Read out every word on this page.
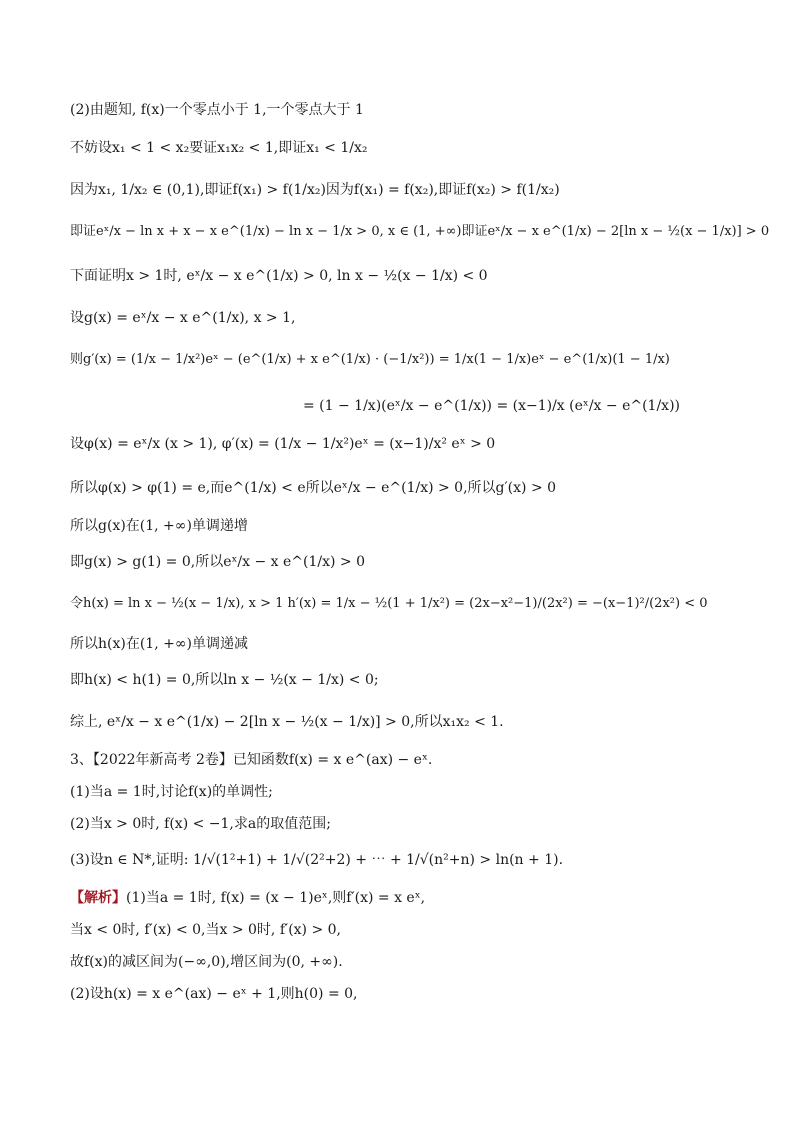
(2)由题知, f(x)一个零点小于 1,一个零点大于 1
不妨设x₁ < 1 < x₂要证x₁x₂ < 1,即证x₁ < 1/x₂
因为x₁, 1/x₂ ∈ (0,1),即证f(x₁) > f(1/x₂)因为f(x₁) = f(x₂),即证f(x₂) > f(1/x₂)
即证eˣ/x − ln x + x − x e^(1/x) − ln x − 1/x > 0, x ∈ (1, +∞)即证eˣ/x − x e^(1/x) − 2[ln x − ½(x − 1/x)] > 0
下面证明x > 1时, eˣ/x − x e^(1/x) > 0, ln x − ½(x − 1/x) < 0
设g(x) = eˣ/x − x e^(1/x), x > 1,
则g′(x) = (1/x − 1/x²)eˣ − (e^(1/x) + x e^(1/x) · (−1/x²)) = 1/x(1 − 1/x)eˣ − e^(1/x)(1 − 1/x)
= (1 − 1/x)(eˣ/x − e^(1/x)) = (x−1)/x (eˣ/x − e^(1/x))
设φ(x) = eˣ/x (x > 1), φ′(x) = (1/x − 1/x²)eˣ = (x−1)/x² eˣ > 0
所以φ(x) > φ(1) = e,而e^(1/x) < e所以eˣ/x − e^(1/x) > 0,所以g′(x) > 0
所以g(x)在(1, +∞)单调递增
即g(x) > g(1) = 0,所以eˣ/x − x e^(1/x) > 0
令h(x) = ln x − ½(x − 1/x), x > 1 h′(x) = 1/x − ½(1 + 1/x²) = (2x−x²−1)/(2x²) = −(x−1)²/(2x²) < 0
所以h(x)在(1, +∞)单调递减
即h(x) < h(1) = 0,所以ln x − ½(x − 1/x) < 0;
综上, eˣ/x − x e^(1/x) − 2[ln x − ½(x − 1/x)] > 0,所以x₁x₂ < 1.
3、【2022年新高考 2卷】已知函数f(x) = x e^(ax) − eˣ.
(1)当a = 1时,讨论f(x)的单调性;
(2)当x > 0时, f(x) < −1,求a的取值范围;
(3)设n ∈ N*,证明: 1/√(1²+1) + 1/√(2²+2) + ⋯ + 1/√(n²+n) > ln(n + 1).
【解析】(1)当a = 1时, f(x) = (x − 1)eˣ,则f′(x) = x eˣ,
当x < 0时, f′(x) < 0,当x > 0时, f′(x) > 0,
故f(x)的减区间为(−∞,0),增区间为(0, +∞).
(2)设h(x) = x e^(ax) − eˣ + 1,则h(0) = 0,
